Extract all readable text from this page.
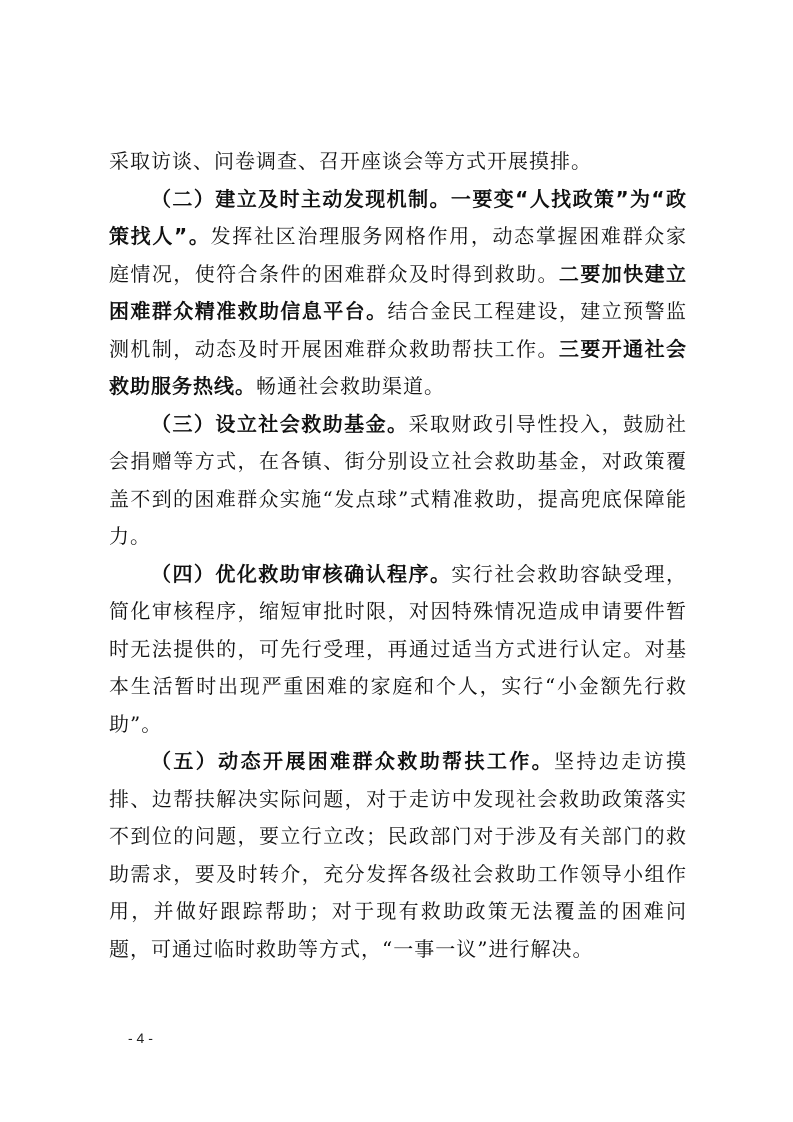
采取访谈、问卷调查、召开座谈会等方式开展摸排。

（二）建立及时主动发现机制。一要变“人找政策”为“政策找人”。发挥社区治理服务网格作用，动态掌握困难群众家庭情况，使符合条件的困难群众及时得到救助。二要加快建立困难群众精准救助信息平台。结合金民工程建设，建立预警监测机制，动态及时开展困难群众救助帮扶工作。三要开通社会救助服务热线。畅通社会救助渠道。

（三）设立社会救助基金。采取财政引导性投入，鼓励社会捐赠等方式，在各镇、街分别设立社会救助基金，对政策覆盖不到的困难群众实施“发点球”式精准救助，提高兜底保障能力。

（四）优化救助审核确认程序。实行社会救助容缺受理，简化审核程序，缩短审批时限，对因特殊情况造成申请要件暂时无法提供的，可先行受理，再通过适当方式进行认定。对基本生活暂时出现严重困难的家庭和个人，实行“小金额先行救助”。

（五）动态开展困难群众救助帮扶工作。坚持边走访摸排、边帮扶解决实际问题，对于走访中发现社会救助政策落实不到位的问题，要立行立改；民政部门对于涉及有关部门的救助需求，要及时转介，充分发挥各级社会救助工作领导小组作用，并做好跟踪帮助；对于现有救助政策无法覆盖的困难问题，可通过临时救助等方式，“一事一议”进行解决。

- 4 -
